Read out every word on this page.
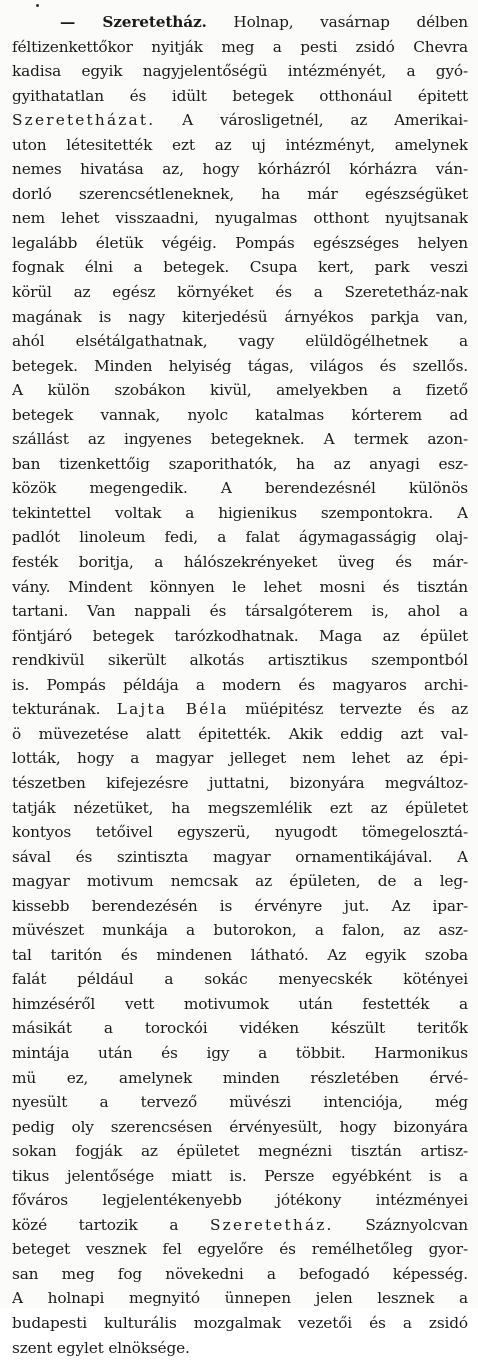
— Szeretetház. Holnap, vasárnap délben
féltizenkettőkor nyitják meg a pesti zsidó Chevra
kadisa egyik nagyjelentőségü intézményét, a gyó-
gyithatatlan és idült betegek otthonául épitett
Szeretetházat. A városligetnél, az Amerikai-
uton létesitették ezt az uj intézményt, amelynek
nemes hivatása az, hogy kórházról kórházra ván-
dorló szerencsétleneknek, ha már egészségüket
nem lehet visszaadni, nyugalmas otthont nyujtsanak
legalább életük végéig. Pompás egészséges helyen
fognak élni a betegek. Csupa kert, park veszi
körül az egész környéket és a Szeretetház-nak
magának is nagy kiterjedésü árnyékos parkja van,
ahól elsétálgathatnak, vagy elüldögélhetnek a
betegek. Minden helyiség tágas, világos és szellős.
A külön szobákon kivül, amelyekben a fizető
betegek vannak, nyolc katalmas kórterem ad
szállást az ingyenes betegeknek. A termek azon-
ban tizenkettőig szaporithatók, ha az anyagi esz-
közök megengedik. A berendezésnél különös
tekintettel voltak a higienikus szempontokra. A
padlót linoleum fedi, a falat ágymagasságig olaj-
festék boritja, a hálószekrényeket üveg és már-
vány. Mindent könnyen le lehet mosni és tisztán
tartani. Van nappali és társalgóterem is, ahol a
föntjáró betegek tarózkodhatnak. Maga az épület
rendkivül sikerült alkotás artisztikus szempontból
is. Pompás példája a modern és magyaros archi-
tekturának. Lajta Béla müépitész tervezte és az
ö müvezetése alatt épitették. Akik eddig azt val-
lották, hogy a magyar jelleget nem lehet az épi-
tészetben kifejezésre juttatni, bizonyára megváltoz-
tatják nézetüket, ha megszemlélik ezt az épületet
kontyos tetőivel egyszerü, nyugodt tömegelosztá-
sával és szintiszta magyar ornamentikájával. A
magyar motivum nemcsak az épületen, de a leg-
kissebb berendezésén is érvényre jut. Az ipar-
müvészet munkája a butorokon, a falon, az asz-
tal taritón és mindenen látható. Az egyik szoba
falát például a sokác menyecskék kötényei
himzéséről vett motivumok után festették a
másikát a torockói vidéken készült teritők
mintája után és igy a többit. Harmonikus
mü ez, amelynek minden részletében érvé-
nyesült a tervező müvészi intenciója, még
pedig oly szerencsésen érvényesült, hogy bizonyára
sokan fogják az épületet megnézni tisztán artisz-
tikus jelentősége miatt is. Persze egyébként is a
főváros legjelentékenyebb jótékony intézményei
közé tartozik a Szeretetház. Száznyolcvan
beteget vesznek fel egyelőre és remélhetőleg gyor-
san meg fog növekedni a befogadó képesség.
A holnapi megnyitó ünnepen jelen lesznek a
budapesti kulturális mozgalmak vezetői és a zsidó
szent egylet elnöksége.
